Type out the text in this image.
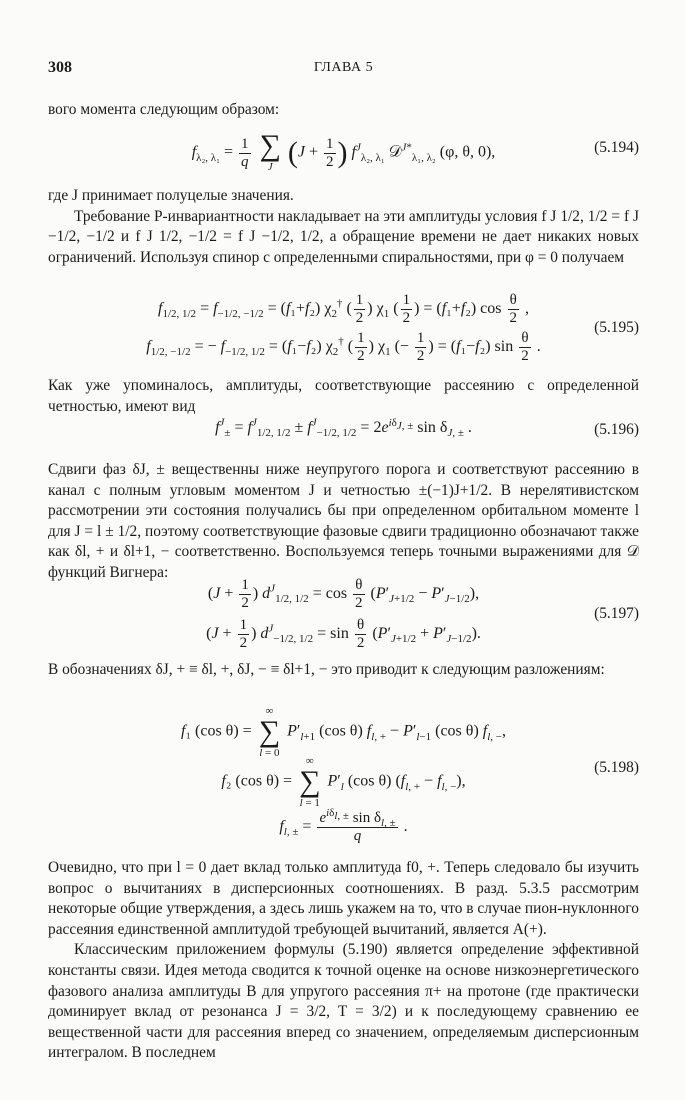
308	ГЛАВА 5

вого момента следующим образом:

$f_{\lambda_2, \lambda_1} = \frac{1}{q}$
∑
J ($J + \frac{1}{2}$ ) $f^J_{\lambda_2, \lambda_1}$ 𝒟$^{J*}_{\lambda_1, \lambda_2}$ (φ, θ, 0),	(5.194)

где J принимает полуцелые значения.

Требование P-инвариантности накладывает на эти амплитуды условия f J 1/2, 1/2 = f J −1/2, −1/2 и f J 1/2, −1/2 = f J −1/2, 1/2, а обращение времени не дает никаких новых ограничений. Используя спинор с определенными спиральностями, при φ = 0 получаем

$f_{1/2, 1/2} = f_{-1/2, -1/2} = (f_1+f_2)$ $\chi_2^\dagger$ ( $\frac{1}{2}$ ) $\chi_1$ ( $\frac{1}{2}$ ) = (f₁+f₂) $\cos \frac{\theta}{2}$ ,
$f_{1/2, -1/2}$ = − $f_{-1/2, 1/2} = (f_1-f_2)$ $\chi_2^\dagger$ ( $\frac{1}{2}$ ) $\chi_1$ (− $\frac{1}{2}$ ) = (f₁−f₂) $\sin \frac{\theta}{2}$ .
(5.195)

Как уже упоминалось, амплитуды, соответствующие рассеянию с определенной четностью, имеют вид

$f^J_\pm = f^J_{1/2, 1/2} \pm f^J_{-1/2, 1/2} = 2e^{i\delta_{J, \pm}}$ $\sin \delta_{J, \pm}$ .	(5.196)

Сдвиги фаз δJ, ± вещественны ниже неупругого порога и соответствуют рассеянию в канал с полным угловым моментом J и четностью ±(−1)J+1/2. В нерелятивистском рассмотрении эти состояния получались бы при определенном орбитальном моменте l для J = l ± 1/2, поэтому соответствующие фазовые сдвиги традиционно обозначают также как δl, + и δl+1, − соответственно. Воспользуемся теперь точными выражениями для 𝒟 функций Вигнера:

($J + \frac{1}{2}$ ) $d^J_{1/2, 1/2} = \cos \frac{\theta}{2} (P'_{J+1/2} - P'_{J-1/2})$,
($J + \frac{1}{2}$ ) $d^J_{-1/2, 1/2} = \sin \frac{\theta}{2} (P'_{J+1/2} + P'_{J-1/2})$.
(5.197)

В обозначениях δJ, + ≡ δl, +, δJ, − ≡ δl+1, − это приводит к следующим разложениям:

f₁ (cos θ) =
∞
∑
l = 0
$P'_{l+1}$ (cos θ) $f_{l, +} - P'_{l-1}$ (cos θ) $f_{l, -}$,
f₂ (cos θ) =
∞
∑
l = 1
$P'_l$ (cos θ) $(f_{l, +} - f_{l, -})$,
$f_{l, \pm}$ =
$e^{i\delta_{l, \pm}}$ $\sin \delta_{l, \pm}$
q
.
(5.198)

Очевидно, что при l = 0 дает вклад только амплитуда f0, +. Теперь следовало бы изучить вопрос о вычитаниях в дисперсионных соотношениях. В разд. 5.3.5 рассмотрим некоторые общие утверждения, а здесь лишь укажем на то, что в случае пион-нуклонного рассеяния единственной амплитудой требующей вычитаний, является A(+).

Классическим приложением формулы (5.190) является определение эффективной константы связи. Идея метода сводится к точной оценке на основе низкоэнергетического фазового анализа амплитуды B для упругого рассеяния π+ на протоне (где практически доминирует вклад от резонанса J = 3/2, T = 3/2) и к последующему сравнению ее вещественной части для рассеяния вперед со значением, определяемым дисперсионным интегралом. В последнем
